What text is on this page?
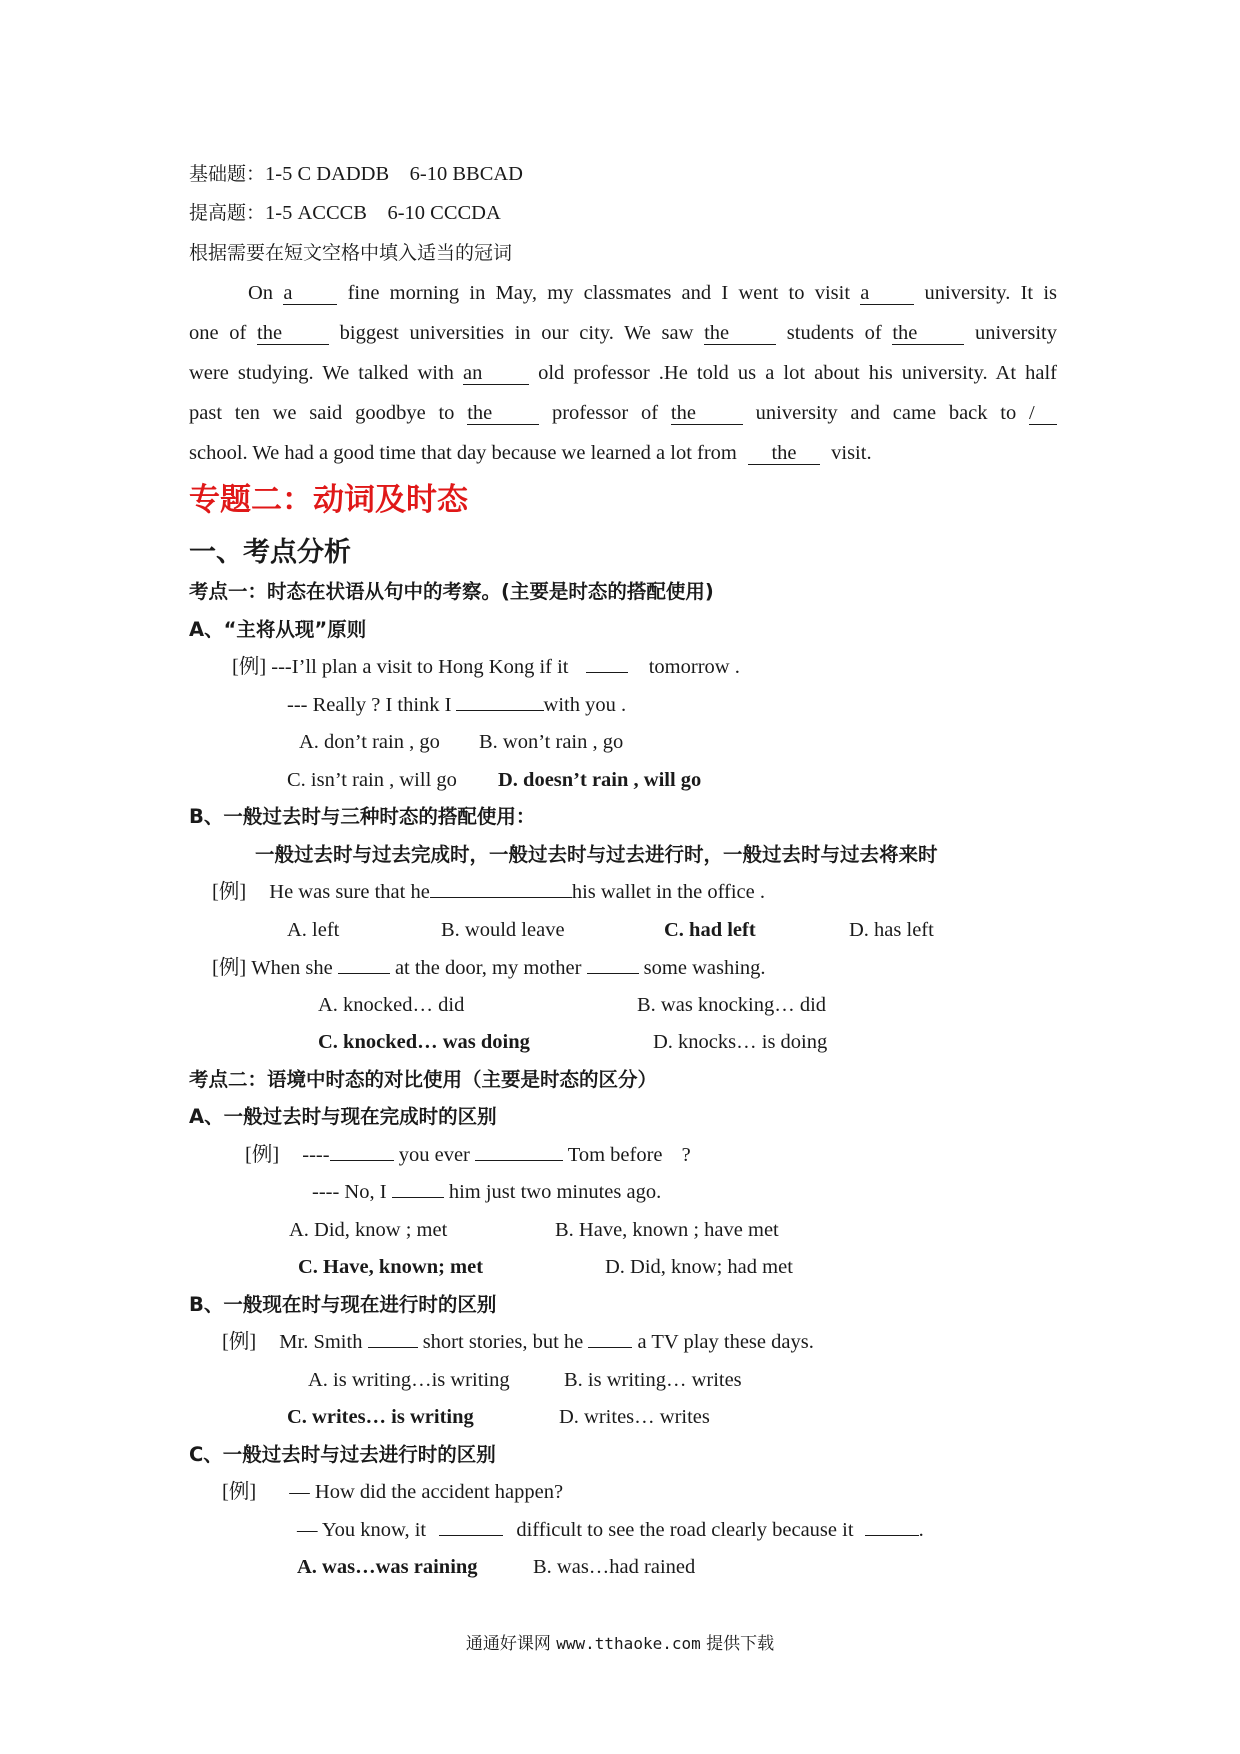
基础题：1-5 C DADDB    6-10 BBCAD
提高题：1-5 ACCCB    6-10 CCCDA
根据需要在短文空格中填入适当的冠词
On a	fine morning in May, my classmates and I went to visit a	university. It is
one of the	biggest universities in our city. We saw the	students of the	university
were studying. We talked with an	old professor .He told us a lot about his university. At half
past ten we said goodbye to the	professor of the	university and came back to /
school. We had a good time that day because we learned a lot from the visit.
专题二：动词及时态
一、考点分析
考点一：时态在状语从句中的考察。(主要是时态的搭配使用)
A、“主将从现”原则
[例] ---I’ll plan a visit to Hong Kong if it	tomorrow .
--- Really ? I think I	with you .
A. don’t rain , go B. won’t rain , go
C. isn’t rain , will go D. doesn’t rain , will go
B、一般过去时与三种时态的搭配使用：
一般过去时与过去完成时，一般过去时与过去进行时，一般过去时与过去将来时
[例] He was sure that he	his wallet in the office .
A. left	B. would leave	C. had left	D. has left
[例] When she	at the door, my mother	some washing.
A. knocked… did	B. was knocking… did
C. knocked… was doing	D. knocks… is doing
考点二：语境中时态的对比使用（主要是时态的区分）
A、一般过去时与现在完成时的区别
[例] ----	you ever	Tom before ?
---- No, I	him just two minutes ago.
A. Did, know ; met	B. Have, known ; have met
C. Have, known; met	D. Did, know; had met
B、一般现在时与现在进行时的区别
[例] Mr. Smith	short stories, but he	a TV play these days.
A. is writing…is writing	B. is writing… writes
C. writes… is writing	D. writes… writes
C、一般过去时与过去进行时的区别
[例] — How did the accident happen?
— You know, it	difficult to see the road clearly because it	.
A. was…was raining	B. was…had rained
通通好课网 www.tthaoke.com 提供下载
